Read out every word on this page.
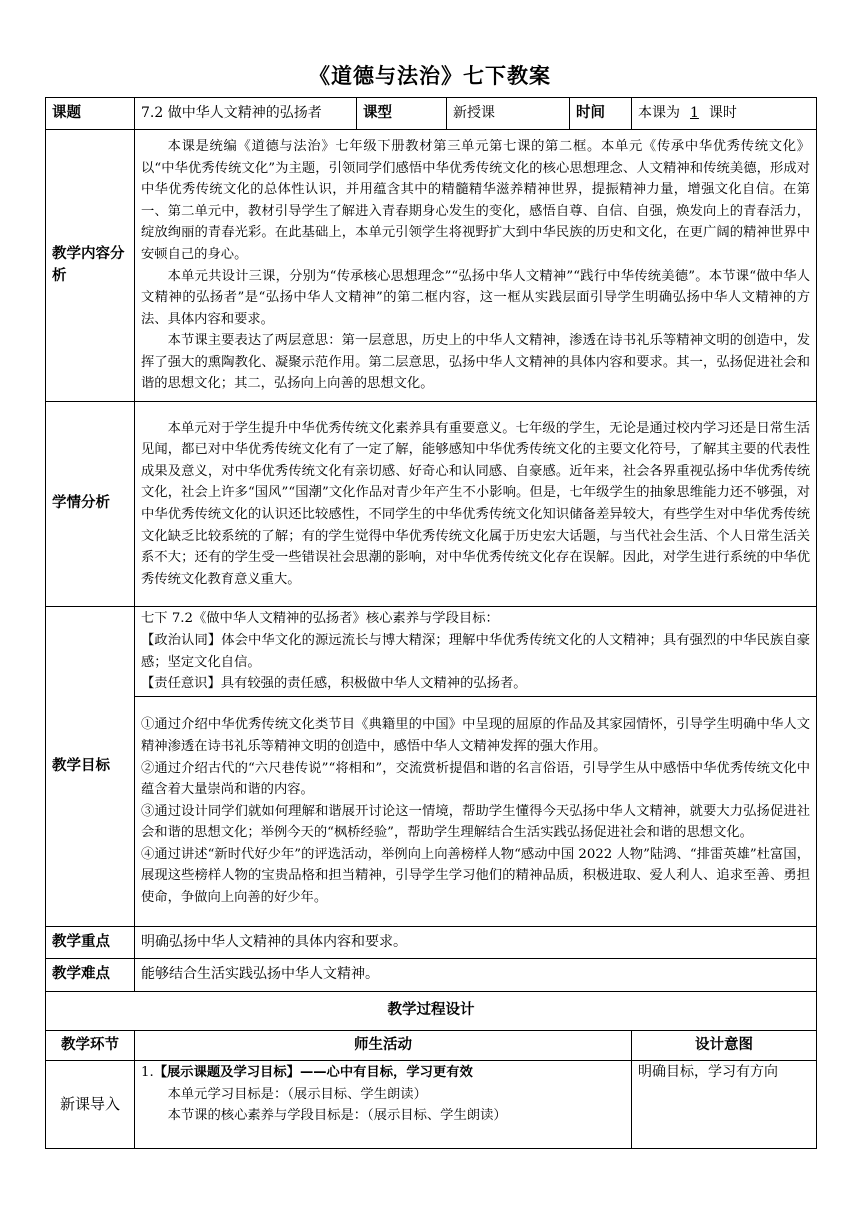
《道德与法治》七下教案
课题	7.2 做中华人文精神的弘扬者	课型	新授课	时间	本课为 1 课时
教学内容分析	本课是统编《道德与法治》七年级下册教材第三单元第七课的第二框。本单元《传承中华优秀传统文化》以“中华优秀传统文化”为主题，引领同学们感悟中华优秀传统文化的核心思想理念、人文精神和传统美德，形成对中华优秀传统文化的总体性认识，并用蕴含其中的精髓精华滋养精神世界，提振精神力量，增强文化自信。在第一、第二单元中，教材引导学生了解进入青春期身心发生的变化，感悟自尊、自信、自强，焕发向上的青春活力，绽放绚丽的青春光彩。在此基础上，本单元引领学生将视野扩大到中华民族的历史和文化，在更广阔的精神世界中安顿自己的身心。
本单元共设计三课，分别为“传承核心思想理念”“弘扬中华人文精神”“践行中华传统美德”。本节课“做中华人文精神的弘扬者”是“弘扬中华人文精神”的第二框内容，这一框从实践层面引导学生明确弘扬中华人文精神的方法、具体内容和要求。
本节课主要表达了两层意思：第一层意思，历史上的中华人文精神，渗透在诗书礼乐等精神文明的创造中，发挥了强大的熏陶教化、凝聚示范作用。第二层意思，弘扬中华人文精神的具体内容和要求。其一，弘扬促进社会和谐的思想文化；其二，弘扬向上向善的思想文化。				

学情分析	本单元对于学生提升中华优秀传统文化素养具有重要意义。七年级的学生，无论是通过校内学习还是日常生活见闻，都已对中华优秀传统文化有了一定了解，能够感知中华优秀传统文化的主要文化符号，了解其主要的代表性成果及意义，对中华优秀传统文化有亲切感、好奇心和认同感、自豪感。近年来，社会各界重视弘扬中华优秀传统文化，社会上许多“国风”“国潮”文化作品对青少年产生不小影响。但是，七年级学生的抽象思维能力还不够强，对中华优秀传统文化的认识还比较感性，不同学生的中华优秀传统文化知识储备差异较大，有些学生对中华优秀传统文化缺乏比较系统的了解；有的学生觉得中华优秀传统文化属于历史宏大话题，与当代社会生活、个人日常生活关系不大；还有的学生受一些错误社会思潮的影响，对中华优秀传统文化存在误解。因此，对学生进行系统的中华优秀传统文化教育意义重大。				

教学目标	七下 7.2《做中华人文精神的弘扬者》核心素养与学段目标：
【政治认同】体会中华文化的源远流长与博大精深；理解中华优秀传统文化的人文精神；具有强烈的中华民族自豪感；坚定文化自信。
【责任意识】具有较强的责任感，积极做中华人文精神的弘扬者。				

	①通过介绍中华优秀传统文化类节目《典籍里的中国》中呈现的屈原的作品及其家园情怀，引导学生明确中华人文精神渗透在诗书礼乐等精神文明的创造中，感悟中华人文精神发挥的强大作用。
②通过介绍古代的“六尺巷传说”“将相和”，交流赏析提倡和谐的名言俗语，引导学生从中感悟中华优秀传统文化中蕴含着大量崇尚和谐的内容。
③通过设计同学们就如何理解和谐展开讨论这一情境，帮助学生懂得今天弘扬中华人文精神，就要大力弘扬促进社会和谐的思想文化；举例今天的“枫桥经验”，帮助学生理解结合生活实践弘扬促进社会和谐的思想文化。
④通过讲述“新时代好少年”的评选活动，举例向上向善榜样人物“感动中国 2022 人物”陆鸿、“排雷英雄”杜富国，展现这些榜样人物的宝贵品格和担当精神，引导学生学习他们的精神品质，积极进取、爱人利人、追求至善、勇担使命，争做向上向善的好少年。				

教学重点	明确弘扬中华人文精神的具体内容和要求。				
教学难点	能够结合生活实践弘扬中华人文精神。				
教学过程设计					
教学环节	师生活动				设计意图
新课导入	1.【展示课题及学习目标】——心中有目标，学习更有效
本单元学习目标是：（展示目标、学生朗读）
本节课的核心素养与学段目标是：（展示目标、学生朗读）				明确目标，学习有方向
